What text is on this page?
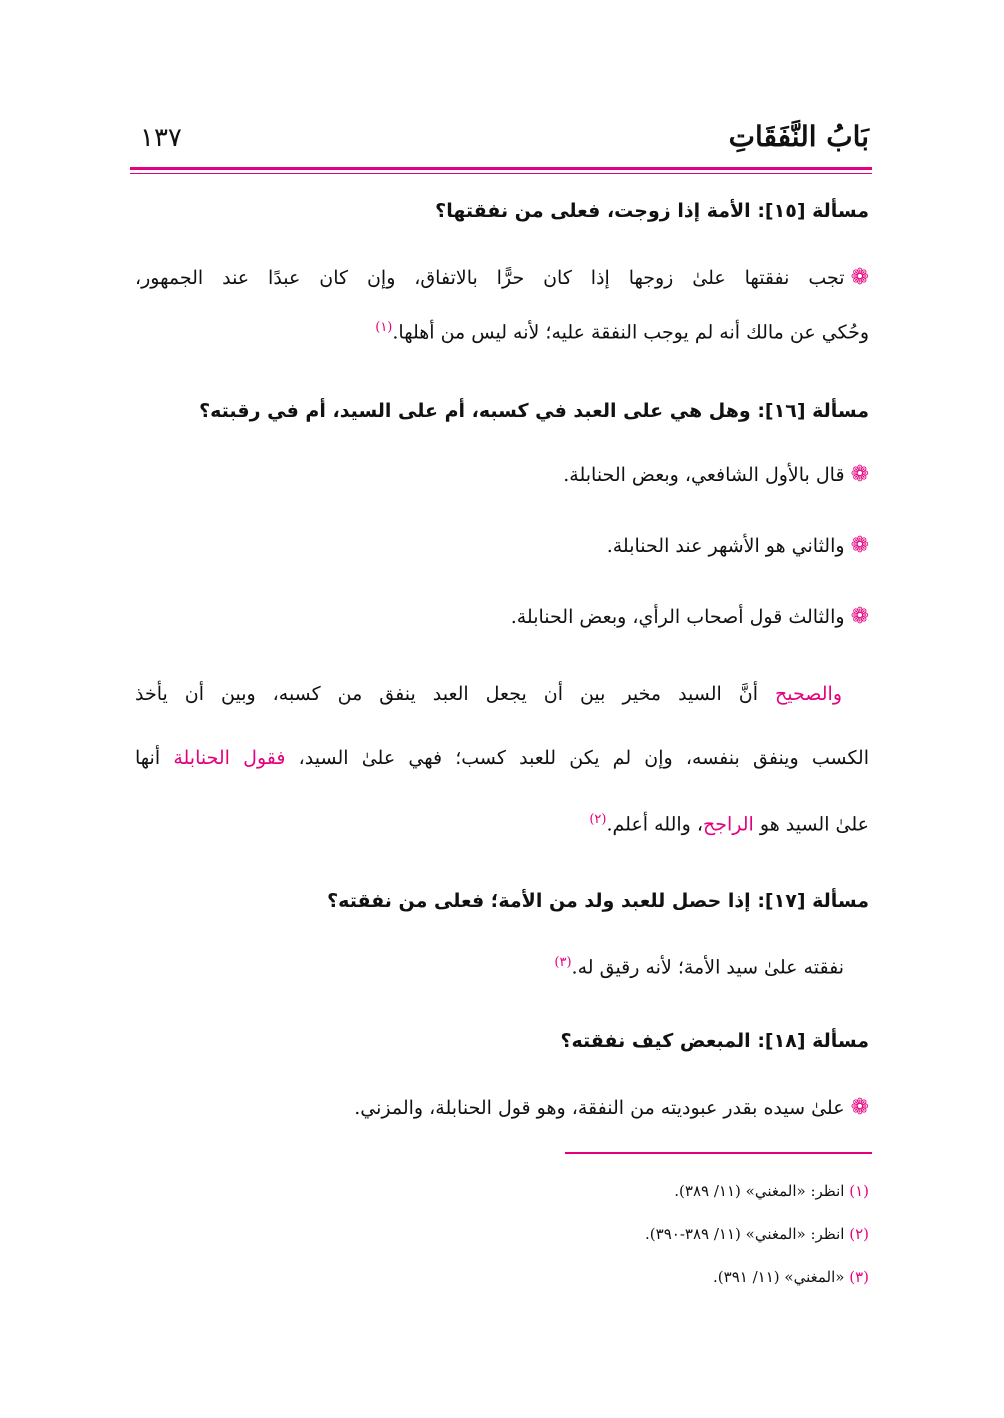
بَابُ النَّفَقَاتِ
١٣٧
مسألة [١٥]: الأمة إذا زوجت، فعلى من نفقتها؟
❁تجب نفقتها علىٰ زوجها إذا كان حرًّا بالاتفاق، وإن كان عبدًا عند الجمهور،
وحُكي عن مالك أنه لم يوجب النفقة عليه؛ لأنه ليس من أهلها.$^{(١)}$
مسألة [١٦]: وهل هي على العبد في كسبه، أم على السيد، أم في رقبته؟
❁قال بالأول الشافعي، وبعض الحنابلة.
❁والثاني هو الأشهر عند الحنابلة.
❁والثالث قول أصحاب الرأي، وبعض الحنابلة.
والصحيح أنَّ السيد مخير بين أن يجعل العبد ينفق من كسبه، وبين أن يأخذ
الكسب وينفق بنفسه، وإن لم يكن للعبد كسب؛ فهي علىٰ السيد، فقول الحنابلة أنها
علىٰ السيد هو الراجح، والله أعلم.$^{(٢)}$
مسألة [١٧]: إذا حصل للعبد ولد من الأمة؛ فعلى من نفقته؟
نفقته علىٰ سيد الأمة؛ لأنه رقيق له.$^{(٣)}$
مسألة [١٨]: المبعض كيف نفقته؟
❁علىٰ سيده بقدر عبوديته من النفقة، وهو قول الحنابلة، والمزني.
(١) انظر: «المغني» (١١/ ٣٨٩).
(٢) انظر: «المغني» (١١/ ٣٨٩-٣٩٠).
(٣) «المغني» (١١/ ٣٩١).
